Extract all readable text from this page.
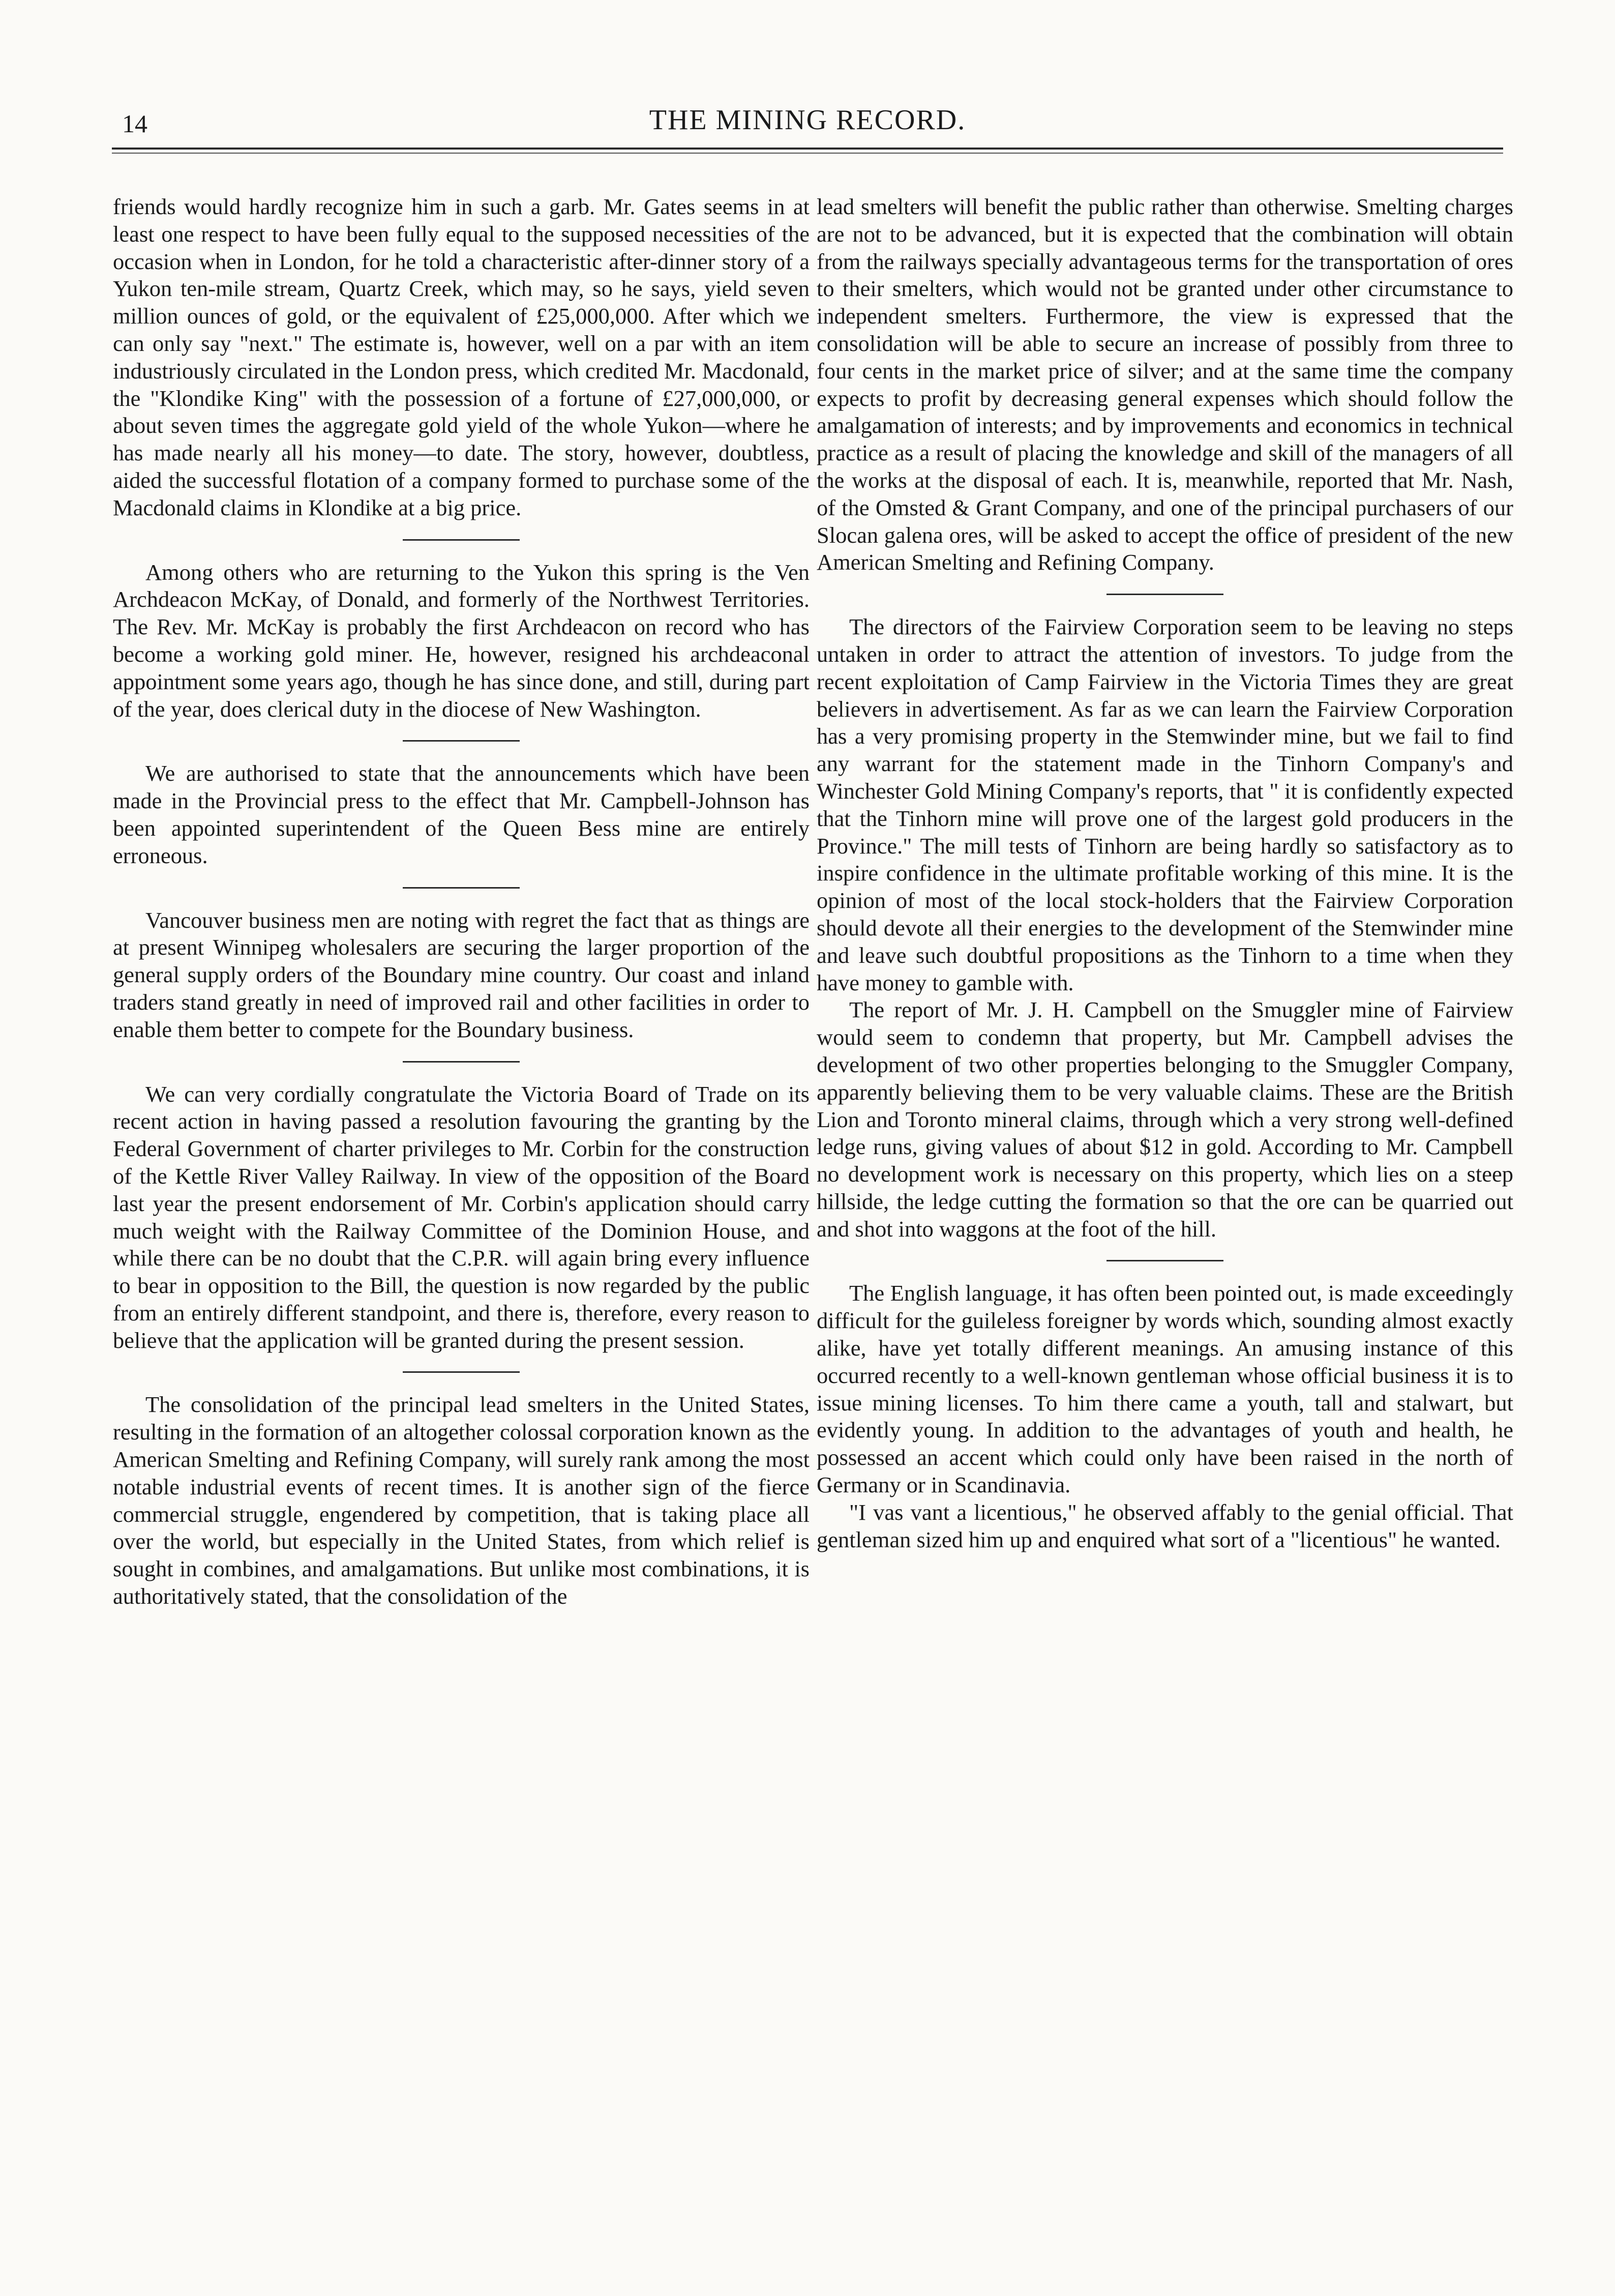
14	THE MINING RECORD.

friends would hardly recognize him in such a garb. Mr. Gates seems in at least one respect to have been fully equal to the supposed necessities of the occasion when in London, for he told a characteristic after-dinner story of a Yukon ten-mile stream, Quartz Creek, which may, so he says, yield seven million ounces of gold, or the equivalent of £25,000,000. After which we can only say "next." The estimate is, however, well on a par with an item industriously circulated in the London press, which credited Mr. Macdonald, the "Klondike King" with the possession of a fortune of £27,000,000, or about seven times the aggregate gold yield of the whole Yukon—where he has made nearly all his money—to date. The story, however, doubtless, aided the successful flotation of a company formed to purchase some of the Macdonald claims in Klondike at a big price.

Among others who are returning to the Yukon this spring is the Ven Archdeacon McKay, of Donald, and formerly of the Northwest Territories. The Rev. Mr. McKay is probably the first Archdeacon on record who has become a working gold miner. He, however, resigned his archdeaconal appointment some years ago, though he has since done, and still, during part of the year, does clerical duty in the diocese of New Washington.

We are authorised to state that the announcements which have been made in the Provincial press to the effect that Mr. Campbell-Johnson has been appointed superintendent of the Queen Bess mine are entirely erroneous.

Vancouver business men are noting with regret the fact that as things are at present Winnipeg wholesalers are securing the larger proportion of the general supply orders of the Boundary mine country. Our coast and inland traders stand greatly in need of improved rail and other facilities in order to enable them better to compete for the Boundary business.

We can very cordially congratulate the Victoria Board of Trade on its recent action in having passed a resolution favouring the granting by the Federal Government of charter privileges to Mr. Corbin for the construction of the Kettle River Valley Railway. In view of the opposition of the Board last year the present endorsement of Mr. Corbin's application should carry much weight with the Railway Committee of the Dominion House, and while there can be no doubt that the C.P.R. will again bring every influence to bear in opposition to the Bill, the question is now regarded by the public from an entirely different standpoint, and there is, therefore, every reason to believe that the application will be granted during the present session.

The consolidation of the principal lead smelters in the United States, resulting in the formation of an altogether colossal corporation known as the American Smelting and Refining Company, will surely rank among the most notable industrial events of recent times. It is another sign of the fierce commercial struggle, engendered by competition, that is taking place all over the world, but especially in the United States, from which relief is sought in combines, and amalgamations. But unlike most combinations, it is authoritatively stated, that the consolidation of the

lead smelters will benefit the public rather than otherwise. Smelting charges are not to be advanced, but it is expected that the combination will obtain from the railways specially advantageous terms for the transportation of ores to their smelters, which would not be granted under other circumstance to independent smelters. Furthermore, the view is expressed that the consolidation will be able to secure an increase of possibly from three to four cents in the market price of silver; and at the same time the company expects to profit by decreasing general expenses which should follow the amalgamation of interests; and by improvements and economics in technical practice as a result of placing the knowledge and skill of the managers of all the works at the disposal of each. It is, meanwhile, reported that Mr. Nash, of the Omsted & Grant Company, and one of the principal purchasers of our Slocan galena ores, will be asked to accept the office of president of the new American Smelting and Refining Company.

The directors of the Fairview Corporation seem to be leaving no steps untaken in order to attract the attention of investors. To judge from the recent exploitation of Camp Fairview in the Victoria Times they are great believers in advertisement. As far as we can learn the Fairview Corporation has a very promising property in the Stemwinder mine, but we fail to find any warrant for the statement made in the Tinhorn Company's and Winchester Gold Mining Company's reports, that " it is confidently expected that the Tinhorn mine will prove one of the largest gold producers in the Province." The mill tests of Tinhorn are being hardly so satisfactory as to inspire confidence in the ultimate profitable working of this mine. It is the opinion of most of the local stock-holders that the Fairview Corporation should devote all their energies to the development of the Stemwinder mine and leave such doubtful propositions as the Tinhorn to a time when they have money to gamble with.

The report of Mr. J. H. Campbell on the Smuggler mine of Fairview would seem to condemn that property, but Mr. Campbell advises the development of two other properties belonging to the Smuggler Company, apparently believing them to be very valuable claims. These are the British Lion and Toronto mineral claims, through which a very strong well-defined ledge runs, giving values of about $12 in gold. According to Mr. Campbell no development work is necessary on this property, which lies on a steep hillside, the ledge cutting the formation so that the ore can be quarried out and shot into waggons at the foot of the hill.

The English language, it has often been pointed out, is made exceedingly difficult for the guileless foreigner by words which, sounding almost exactly alike, have yet totally different meanings. An amusing instance of this occurred recently to a well-known gentleman whose official business it is to issue mining licenses. To him there came a youth, tall and stalwart, but evidently young. In addition to the advantages of youth and health, he possessed an accent which could only have been raised in the north of Germany or in Scandinavia.

"I vas vant a licentious," he observed affably to the genial official. That gentleman sized him up and enquired what sort of a "licentious" he wanted.
